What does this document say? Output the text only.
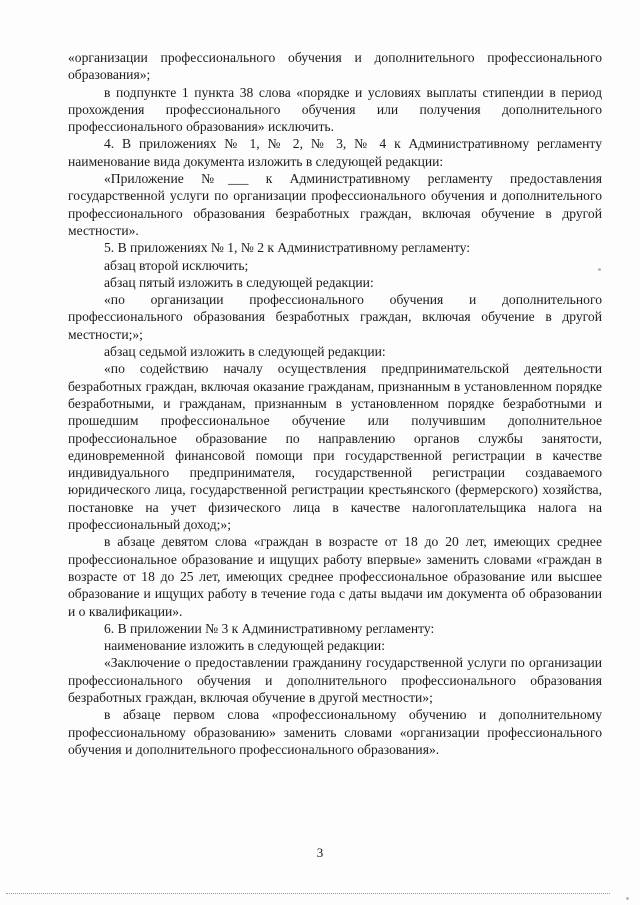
«организации профессионального обучения и дополнительного профессионального образования»;

в подпункте 1 пункта 38 слова «порядке и условиях выплаты стипендии в период прохождения профессионального обучения или получения дополнительного профессионального образования» исключить.

4. В приложениях № 1, № 2, № 3, № 4 к Административному регламенту наименование вида документа изложить в следующей редакции:

«Приложение №___ к Административному регламенту предоставления государственной услуги по организации профессионального обучения и дополнительного профессионального образования безработных граждан, включая обучение в другой местности».

5. В приложениях № 1, № 2 к Административному регламенту:

абзац второй исключить;

абзац пятый изложить в следующей редакции:

«по организации профессионального обучения и дополнительного профессионального образования безработных граждан, включая обучение в другой местности;»;

абзац седьмой изложить в следующей редакции:

«по содействию началу осуществления предпринимательской деятельности безработных граждан, включая оказание гражданам, признанным в установленном порядке безработными, и гражданам, признанным в установленном порядке безработными и прошедшим профессиональное обучение или получившим дополнительное профессиональное образование по направлению органов службы занятости, единовременной финансовой помощи при государственной регистрации в качестве индивидуального предпринимателя, государственной регистрации создаваемого юридического лица, государственной регистрации крестьянского (фермерского) хозяйства, постановке на учет физического лица в качестве налогоплательщика налога на профессиональный доход;»;

в абзаце девятом слова «граждан в возрасте от 18 до 20 лет, имеющих среднее профессиональное образование и ищущих работу впервые» заменить словами «граждан в возрасте от 18 до 25 лет, имеющих среднее профессиональное образование или высшее образование и ищущих работу в течение года с даты выдачи им документа об образовании и о квалификации».

6. В приложении № 3 к Административному регламенту:

наименование изложить в следующей редакции:

«Заключение о предоставлении гражданину государственной услуги по организации профессионального обучения и дополнительного профессионального образования безработных граждан, включая обучение в другой местности»;

в абзаце первом слова «профессиональному обучению и дополнительному профессиональному образованию» заменить словами «организации профессионального обучения и дополнительного профессионального образования».

3
